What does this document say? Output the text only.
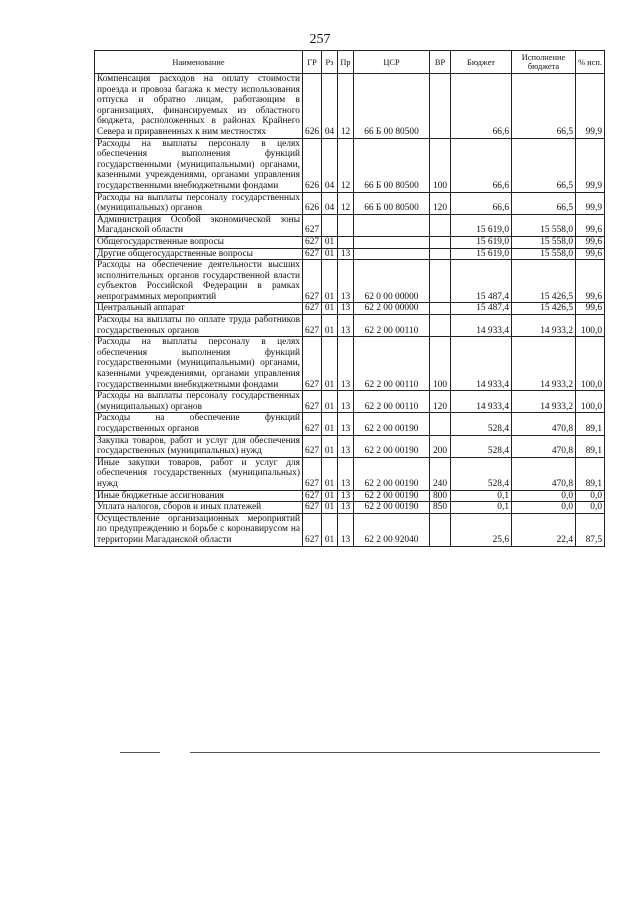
257
Наименование	ГР	Рз	Пр	ЦСР	ВР	Бюджет	Исполнение бюджета	% исп.
Компенсация расходов на оплату стоимости проезда и провоза багажа к месту использования отпуска и обратно лицам, работающим в организациях, финансируемых из областного бюджета, расположенных в районах Крайнего Севера и приравненных к ним местностях	626	04	12	66 Б 00 80500		66,6	66,5	99,9
Расходы на выплаты персоналу в целях обеспечения выполнения функций государственными (муниципальными) органами, казенными учреждениями, органами управления государственными внебюджетными фондами	626	04	12	66 Б 00 80500	100	66,6	66,5	99,9
Расходы на выплаты персоналу государственных (муниципальных) органов	626	04	12	66 Б 00 80500	120	66,6	66,5	99,9
Администрация Особой экономической зоны Магаданской области	627					15 619,0	15 558,0	99,6
Общегосударственные вопросы	627	01				15 619,0	15 558,0	99,6
Другие общегосударственные вопросы	627	01	13			15 619,0	15 558,0	99,6
Расходы на обеспечение деятельности высших исполнительных органов государственной власти субъектов Российской Федерации в рамках непрограммных мероприятий	627	01	13	62 0 00 00000		15 487,4	15 426,5	99,6
Центральный аппарат	627	01	13	62 2 00 00000		15 487,4	15 426,5	99,6
Расходы на выплаты по оплате труда работников государственных органов	627	01	13	62 2 00 00110		14 933,4	14 933,2	100,0
Расходы на выплаты персоналу в целях обеспечения выполнения функций государственными (муниципальными) органами, казенными учреждениями, органами управления государственными внебюджетными фондами	627	01	13	62 2 00 00110	100	14 933,4	14 933,2	100,0
Расходы на выплаты персоналу государственных (муниципальных) органов	627	01	13	62 2 00 00110	120	14 933,4	14 933,2	100,0
Расходы на обеспечение функций государственных органов	627	01	13	62 2 00 00190		528,4	470,8	89,1
Закупка товаров, работ и услуг для обеспечения государственных (муниципальных) нужд	627	01	13	62 2 00 00190	200	528,4	470,8	89,1
Иные закупки товаров, работ и услуг для обеспечения государственных (муниципальных) нужд	627	01	13	62 2 00 00190	240	528,4	470,8	89,1
Иные бюджетные ассигнования	627	01	13	62 2 00 00190	800	0,1	0,0	0,0
Уплата налогов, сборов и иных платежей	627	01	13	62 2 00 00190	850	0,1	0,0	0,0
Осуществление организационных мероприятий по предупреждению и борьбе с коронавирусом на территории Магаданской области	627	01	13	62 2 00 92040		25,6	22,4	87,5
